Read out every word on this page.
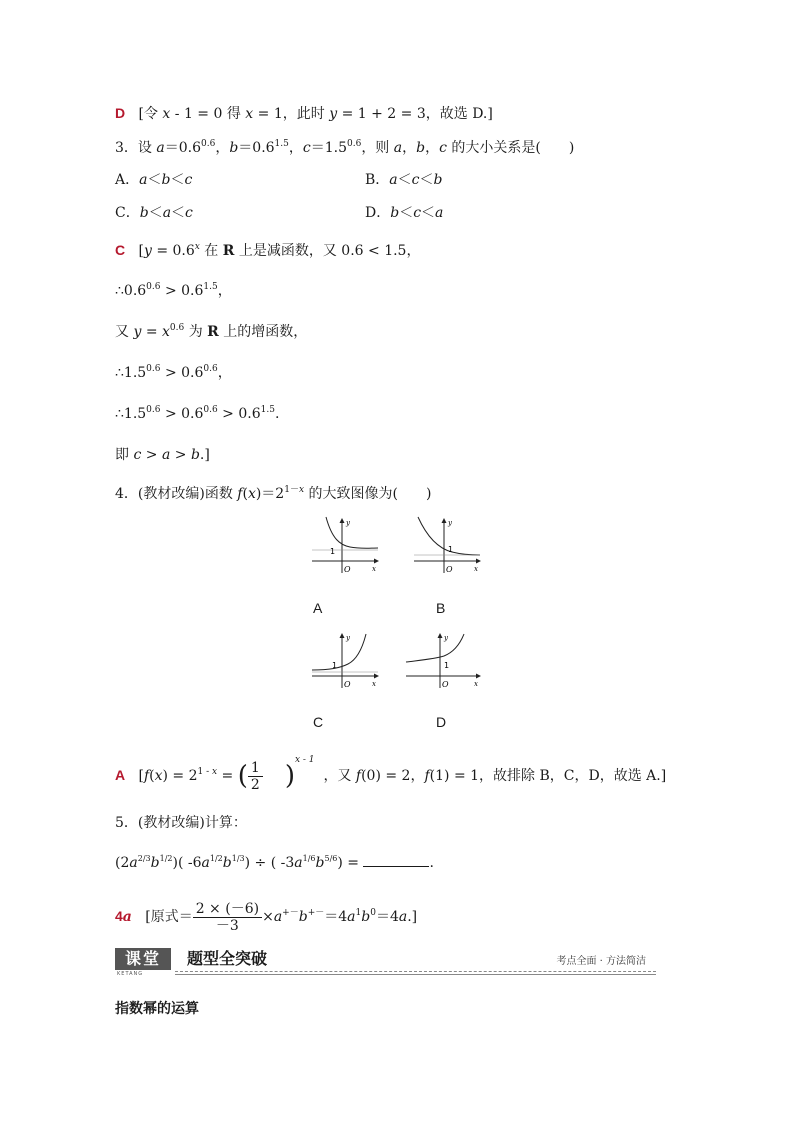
D [令 x - 1 = 0 得 x = 1，此时 y = 1 + 2 = 3，故选 D.]
3．设 $a=0.6^{0.6}$，$b=0.6^{1.5}$，$c=1.5^{0.6}$，则 a，b，c 的大小关系是(　　)
A．a＜b＜c	B．a＜c＜b
C．b＜a＜c	D．b＜c＜a
C [$y = 0.6^x$ 在 R 上是减函数，又 0.6 < 1.5，
$\therefore 0.6^{0.6} > 0.6^{1.5}$，
又 $y = x^{0.6}$ 为 R 上的增函数，
$\therefore 1.5^{0.6} > 0.6^{0.6}$，
$\therefore 1.5^{0.6} > 0.6^{0.6} > 0.6^{1.5}$.
即 c > a > b.]
4．(教材改编)函数 $f(x)=2^{1-x}$ 的大致图像为(　　)
1
O
y
x
A
1
O
y
x
B
1
O
y
x
C
1
O
y
x
D
A [$f(x) = 2^{1 - x}$ = ( $\frac{1}{2} )^{x - 1}$  ，又 f(0) = 2，f(1) = 1，故排除 B，C，D，故选 A.]
5．(教材改编)计算：
$(2a^{2/3}b^{1/2})$( $-6a^{1/2}b^{1/3}$) ÷ ( $-3a^{1/6}b^{5/6}$) =	.
4a [原式＝ $\frac{2 \times (-6)}{-3} \times a^{+-}b^{+-}=4a^1b^0=4a$.]
课堂
KETANG
题型全突破	考点全面 · 方法简洁
指数幂的运算
